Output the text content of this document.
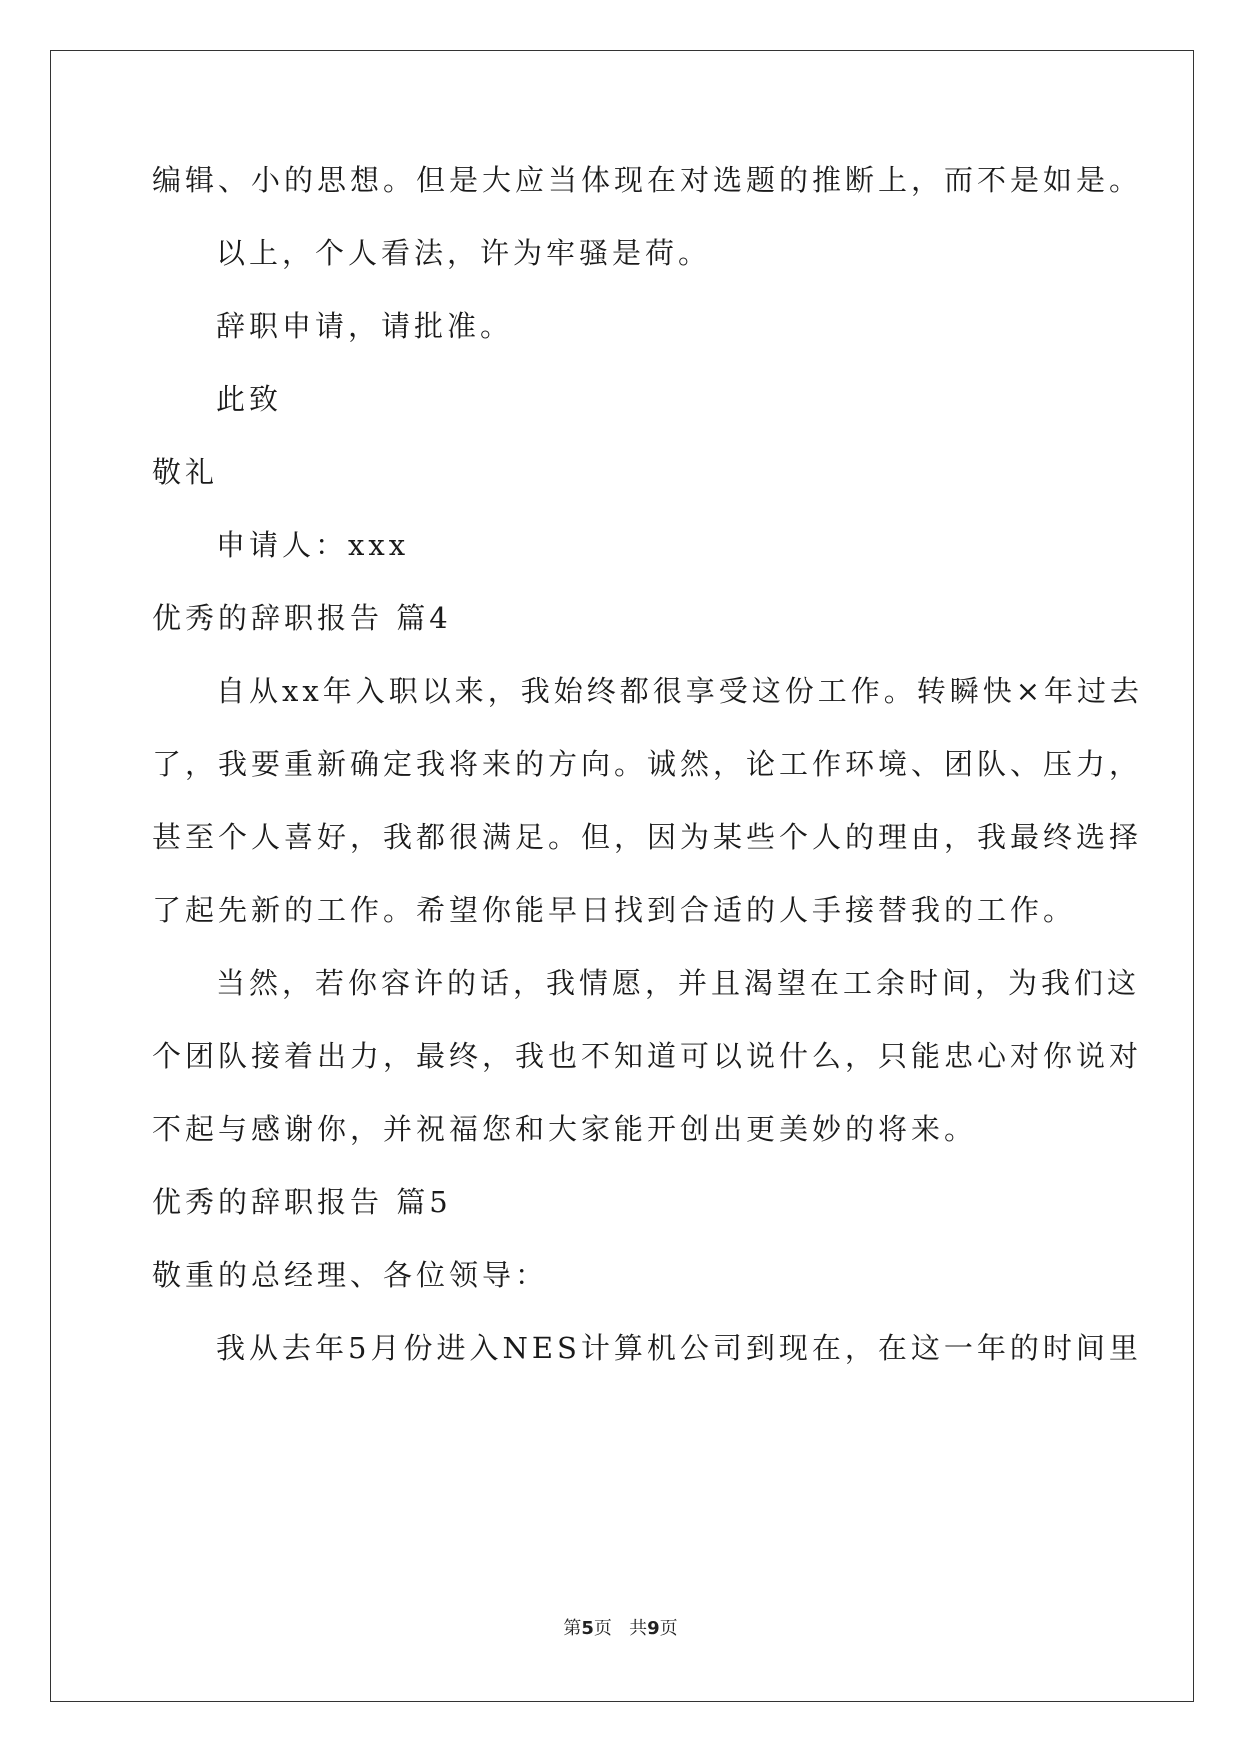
编辑、小的思想。但是大应当体现在对选题的推断上，而不是如是。
以上，个人看法，许为牢骚是荷。
辞职申请，请批准。
此致
敬礼
申请人：xxx
优秀的辞职报告 篇4
自从xx年入职以来，我始终都很享受这份工作。转瞬快×年过去
了，我要重新确定我将来的方向。诚然，论工作环境、团队、压力，
甚至个人喜好，我都很满足。但，因为某些个人的理由，我最终选择
了起先新的工作。希望你能早日找到合适的人手接替我的工作。
当然，若你容许的话，我情愿，并且渴望在工余时间，为我们这
个团队接着出力，最终，我也不知道可以说什么，只能忠心对你说对
不起与感谢你，并祝福您和大家能开创出更美妙的将来。
优秀的辞职报告 篇5
敬重的总经理、各位领导：
我从去年5月份进入NES计算机公司到现在，在这一年的时间里
第5页   共9页
